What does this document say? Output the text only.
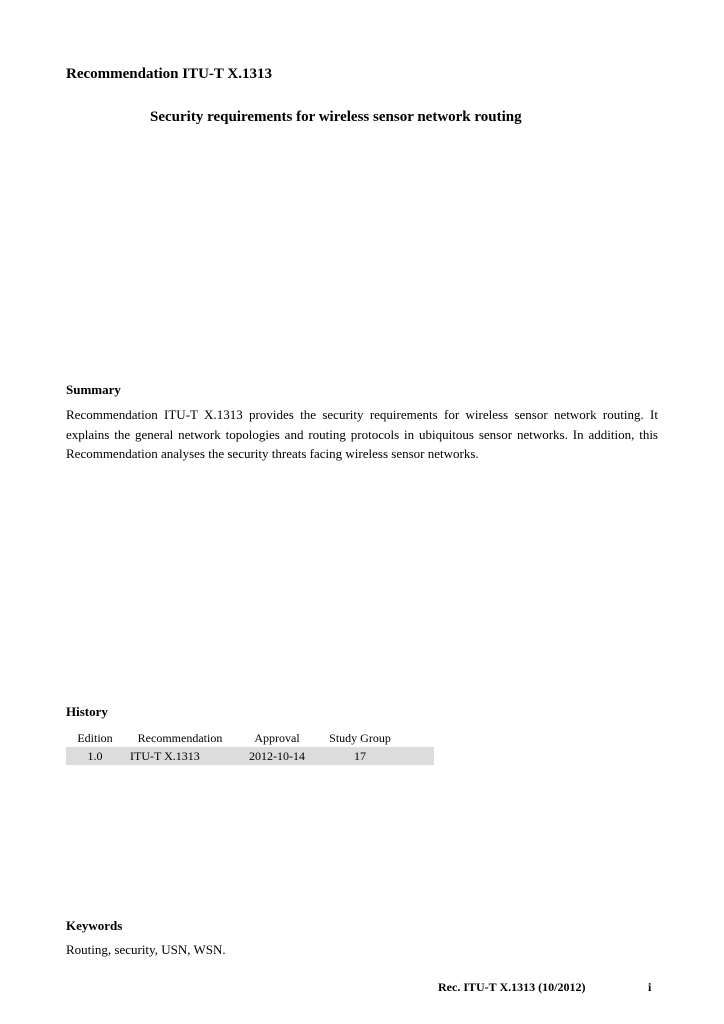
Recommendation ITU-T X.1313
Security requirements for wireless sensor network routing
Summary

Recommendation ITU-T X.1313 provides the security requirements for wireless sensor network routing. It explains the general network topologies and routing protocols in ubiquitous sensor networks. In addition, this Recommendation analyses the security threats facing wireless sensor networks.

History
Edition	Recommendation	Approval	Study Group	
1.0	ITU-T X.1313	2012-10-14	17	
Keywords
Routing, security, USN, WSN.
Rec. ITU-T X.1313 (10/2012)	i
